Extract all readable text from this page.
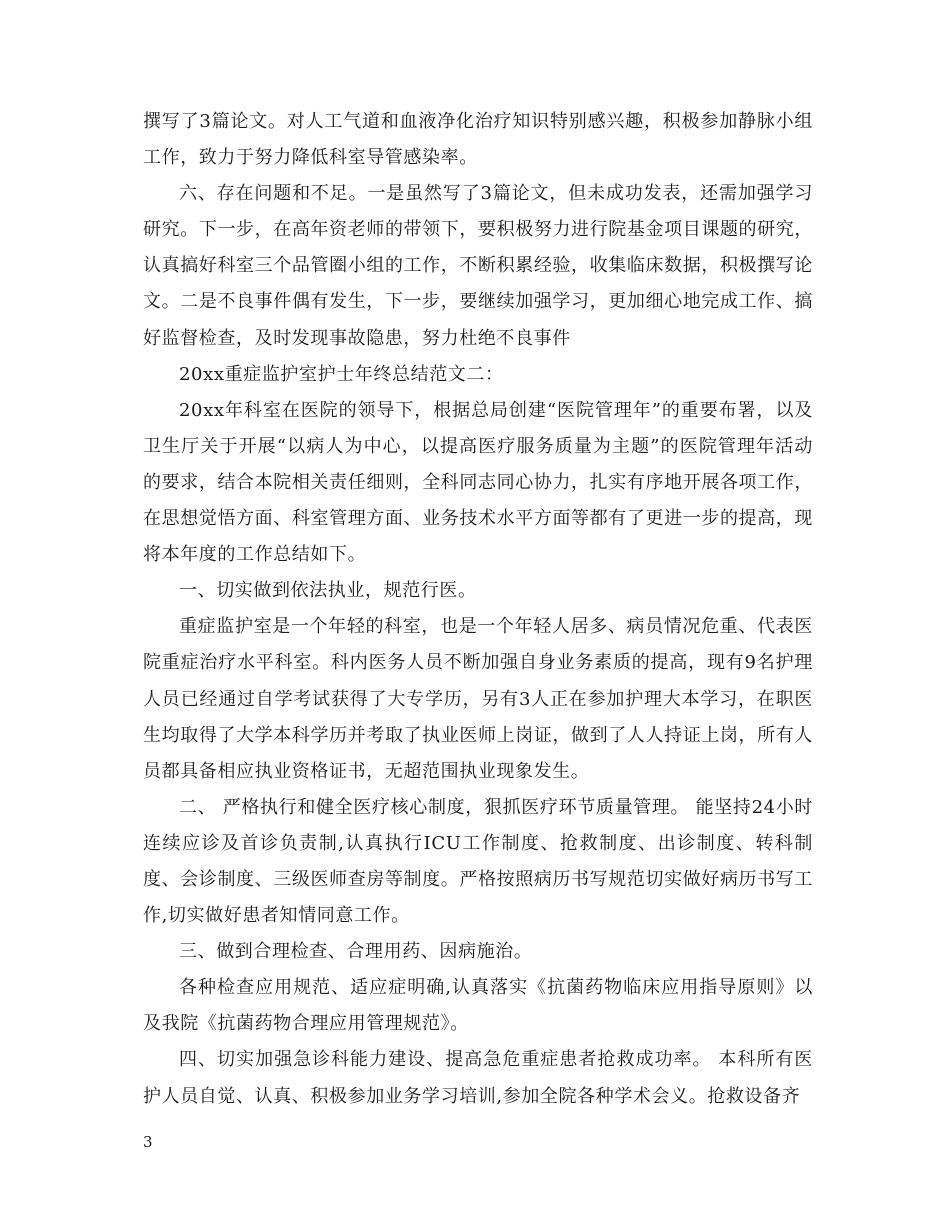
撰写了3篇论文。对人工气道和血液净化治疗知识特别感兴趣，积极参加静脉小组工作，致力于努力降低科室导管感染率。

六、存在问题和不足。一是虽然写了3篇论文，但未成功发表，还需加强学习研究。下一步，在高年资老师的带领下，要积极努力进行院基金项目课题的研究，认真搞好科室三个品管圈小组的工作，不断积累经验，收集临床数据，积极撰写论文。二是不良事件偶有发生，下一步，要继续加强学习，更加细心地完成工作、搞好监督检查，及时发现事故隐患，努力杜绝不良事件

20xx重症监护室护士年终总结范文二：

20xx年科室在医院的领导下，根据总局创建“医院管理年”的重要布署，以及卫生厅关于开展“以病人为中心，以提高医疗服务质量为主题”的医院管理年活动的要求，结合本院相关责任细则，全科同志同心协力，扎实有序地开展各项工作，在思想觉悟方面、科室管理方面、业务技术水平方面等都有了更进一步的提高，现将本年度的工作总结如下。

一、切实做到依法执业，规范行医。

重症监护室是一个年轻的科室，也是一个年轻人居多、病员情况危重、代表医院重症治疗水平科室。科内医务人员不断加强自身业务素质的提高，现有9名护理人员已经通过自学考试获得了大专学历，另有3人正在参加护理大本学习，在职医生均取得了大学本科学历并考取了执业医师上岗证，做到了人人持证上岗，所有人员都具备相应执业资格证书，无超范围执业现象发生。

二、 严格执行和健全医疗核心制度，狠抓医疗环节质量管理。 能坚持24小时连续应诊及首诊负责制,认真执行ICU工作制度、抢救制度、出诊制度、转科制度、会诊制度、三级医师查房等制度。严格按照病历书写规范切实做好病历书写工作,切实做好患者知情同意工作。

三、做到合理检查、合理用药、因病施治。

各种检查应用规范、适应症明确,认真落实《抗菌药物临床应用指导原则》以及我院《抗菌药物合理应用管理规范》。

四、切实加强急诊科能力建设、提高急危重症患者抢救成功率。 本科所有医护人员自觉、认真、积极参加业务学习培训,参加全院各种学术会义。抢救设备齐

3
